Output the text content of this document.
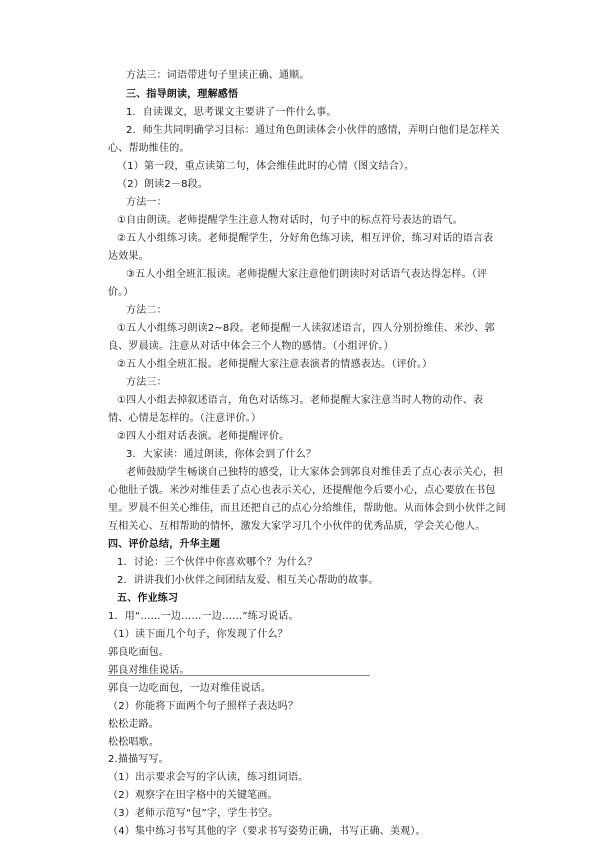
方法三：词语带进句子里读正确、通顺。
三、指导朗读，理解感悟
1．自读课文，思考课文主要讲了一件什么事。
2．师生共同明确学习目标：通过角色朗读体会小伙伴的感情，弄明白他们是怎样关
心、帮助维佳的。
（1）第一段，重点读第二句，体会维佳此时的心情（图文结合）。
（2）朗读2－8段。
方法一：
①自由朗读。老师提醒学生注意人物对话时，句子中的标点符号表达的语气。
②五人小组练习读。老师提醒学生，分好角色练习读，相互评价，练习对话的语言表
达效果。
③五人小组全班汇报读。老师提醒大家注意他们朗读时对话语气表达得怎样。（评
价。）
方法二：
①五人小组练习朗读2~8段。老师提醒一人读叙述语言，四人分别扮维佳、米沙、郭
良、罗晨读。注意从对话中体会三个人物的感情。（小组评价。）
②五人小组全班汇报。老师提醒大家注意表演者的情感表达。（评价。）
方法三：
①四人小组去掉叙述语言，角色对话练习。老师提醒大家注意当时人物的动作、表
情、心情是怎样的。（注意评价。）
②四人小组对话表演。老师提醒评价。
3．大家读：通过朗读，你体会到了什么？
老师鼓励学生畅谈自己独特的感受，让大家体会到郭良对维佳丢了点心表示关心，担
心他肚子饿。米沙对维佳丢了点心也表示关心，还提醒他今后要小心，点心要放在书包
里。罗晨不但关心维佳，而且还把自己的点心分给维佳，帮助他。从而体会到小伙伴之间
互相关心、互相帮助的情怀，激发大家学习几个小伙伴的优秀品质，学会关心他人。
四、评价总结，升华主题
1．讨论：三个伙伴中你喜欢哪个？为什么？
2．讲讲我们小伙伴之间团结友爱、相互关心帮助的故事。
五、作业练习
1．用“……一边……一边……”练习说话。
（1）读下面几个句子，你发现了什么？
郭良吃面包。
郭良对维佳说话。
郭良一边吃面包，一边对维佳说话。
（2）你能将下面两个句子照样子表达吗？
松松走路。
松松唱歌。
2.描描写写。
（1）出示要求会写的字认读，练习组词语。
（2）观察字在田字格中的关键笔画。
（3）老师示范写“包”字，学生书空。
（4）集中练习书写其他的字（要求书写姿势正确，书写正确、美观）。
